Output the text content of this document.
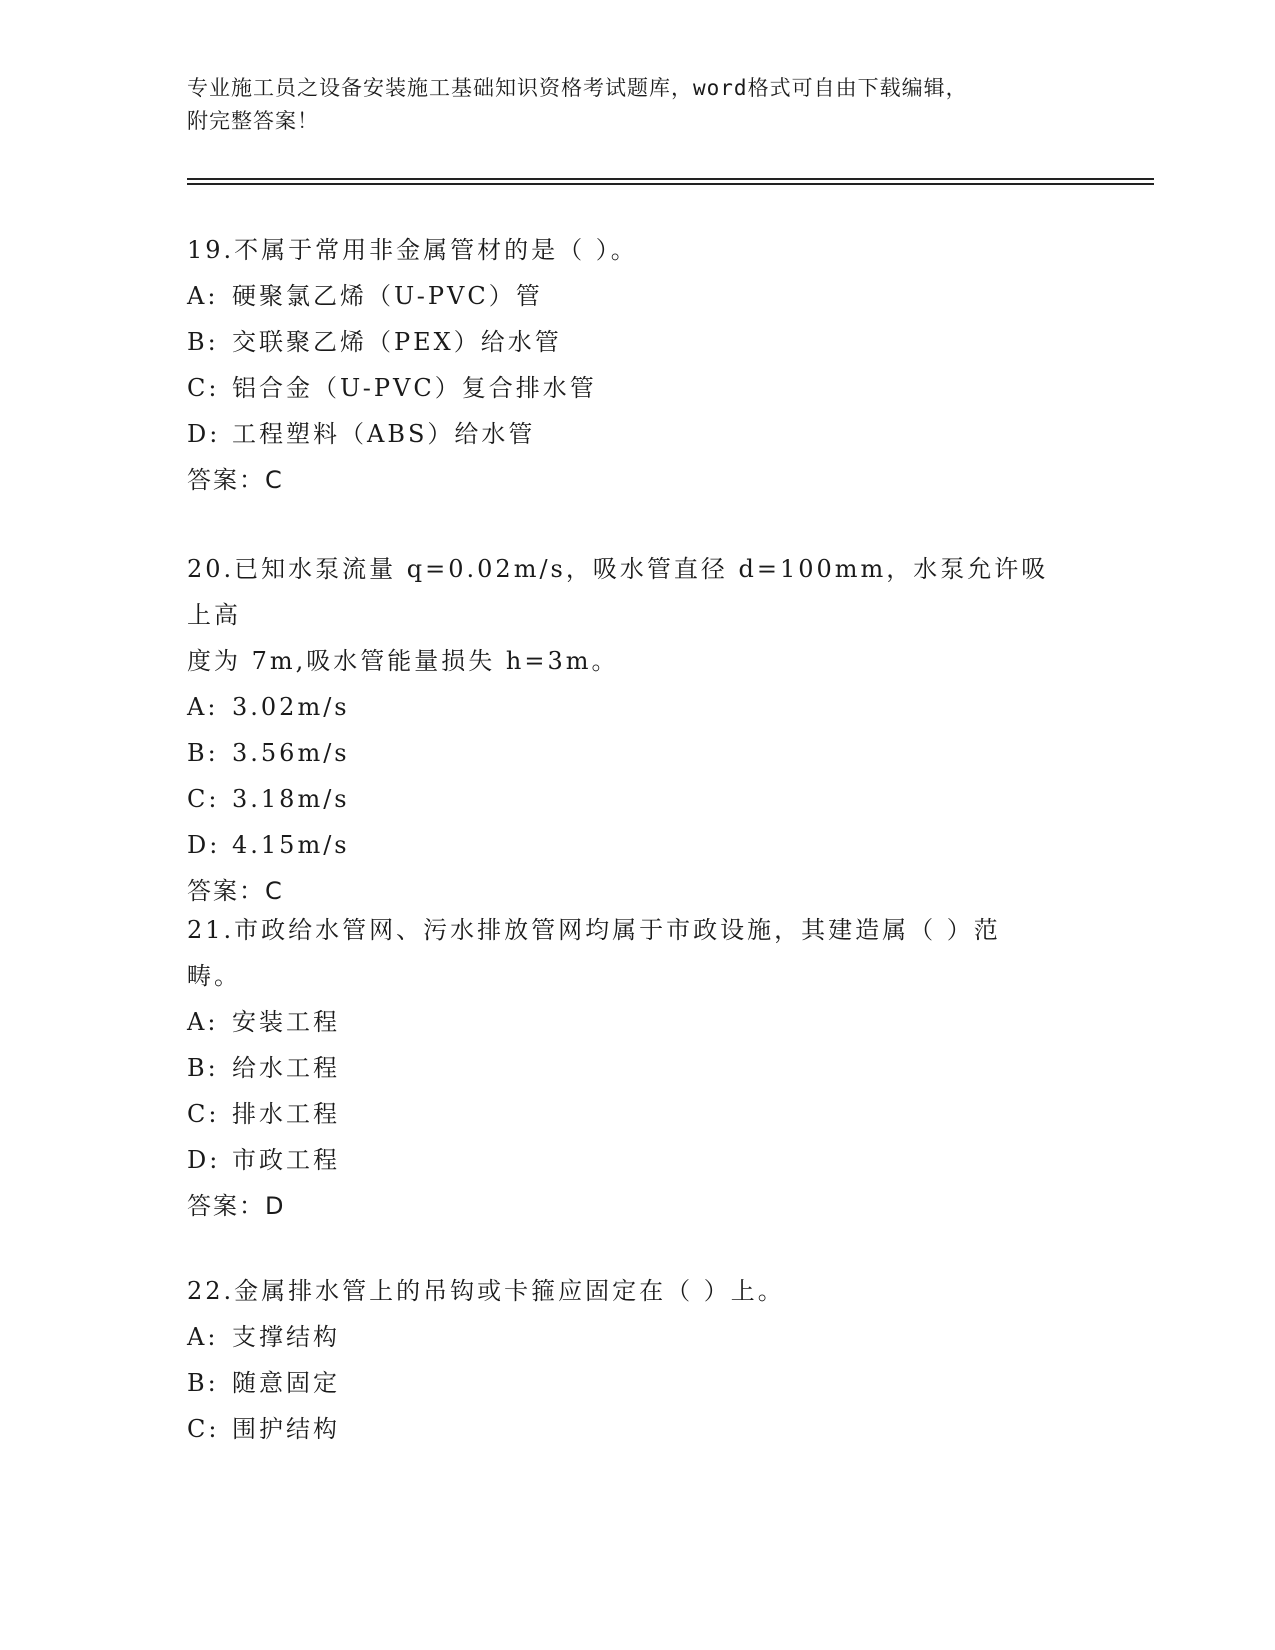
专业施工员之设备安装施工基础知识资格考试题库，word格式可自由下载编辑，
附完整答案！
19.不属于常用非金属管材的是（ ）。
A: 硬聚氯乙烯（U-PVC）管
B: 交联聚乙烯（PEX）给水管
C: 铝合金（U-PVC）复合排水管
D: 工程塑料（ABS）给水管
答案：C
20.已知水泵流量 q=0.02m/s，吸水管直径 d=100mm，水泵允许吸上高
度为 7m,吸水管能量损失 h=3m。
A: 3.02m/s
B: 3.56m/s
C: 3.18m/s
D: 4.15m/s
答案：C
21.市政给水管网、污水排放管网均属于市政设施，其建造属（ ）范
畴。
A: 安装工程
B: 给水工程
C: 排水工程
D: 市政工程
答案：D
22.金属排水管上的吊钩或卡箍应固定在（ ）上。
A: 支撑结构
B: 随意固定
C: 围护结构
